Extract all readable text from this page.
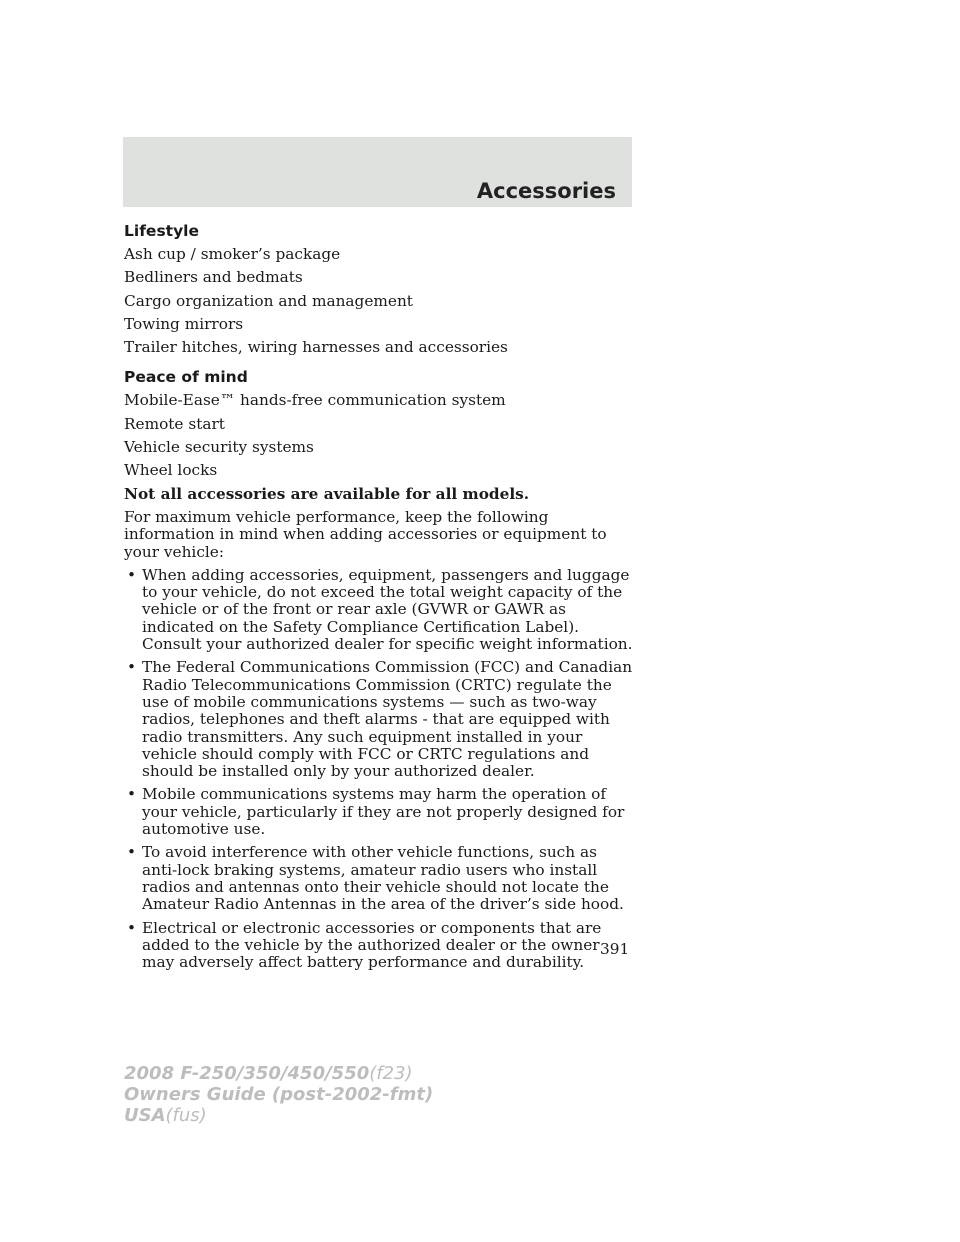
Accessories
Lifestyle

Ash cup / smoker’s package

Bedliners and bedmats

Cargo organization and management

Towing mirrors

Trailer hitches, wiring harnesses and accessories

Peace of mind

Mobile-Ease™ hands-free communication system

Remote start

Vehicle security systems

Wheel locks

Not all accessories are available for all models.

For maximum vehicle performance, keep the following information in mind when adding accessories or equipment to your vehicle:

• When adding accessories, equipment, passengers and luggage to your vehicle, do not exceed the total weight capacity of the vehicle or of the front or rear axle (GVWR or GAWR as indicated on the Safety Compliance Certification Label). Consult your authorized dealer for specific weight information.
• The Federal Communications Commission (FCC) and Canadian Radio Telecommunications Commission (CRTC) regulate the use of mobile communications systems — such as two-way radios, telephones and theft alarms - that are equipped with radio transmitters. Any such equipment installed in your vehicle should comply with FCC or CRTC regulations and should be installed only by your authorized dealer.
• Mobile communications systems may harm the operation of your vehicle, particularly if they are not properly designed for automotive use.
• To avoid interference with other vehicle functions, such as anti-lock braking systems, amateur radio users who install radios and antennas onto their vehicle should not locate the Amateur Radio Antennas in the area of the driver’s side hood.
• Electrical or electronic accessories or components that are added to the vehicle by the authorized dealer or the owner may adversely affect battery performance and durability.
391
2008 F-250/350/450/550(f23)
Owners Guide (post-2002-fmt)
USA(fus)
